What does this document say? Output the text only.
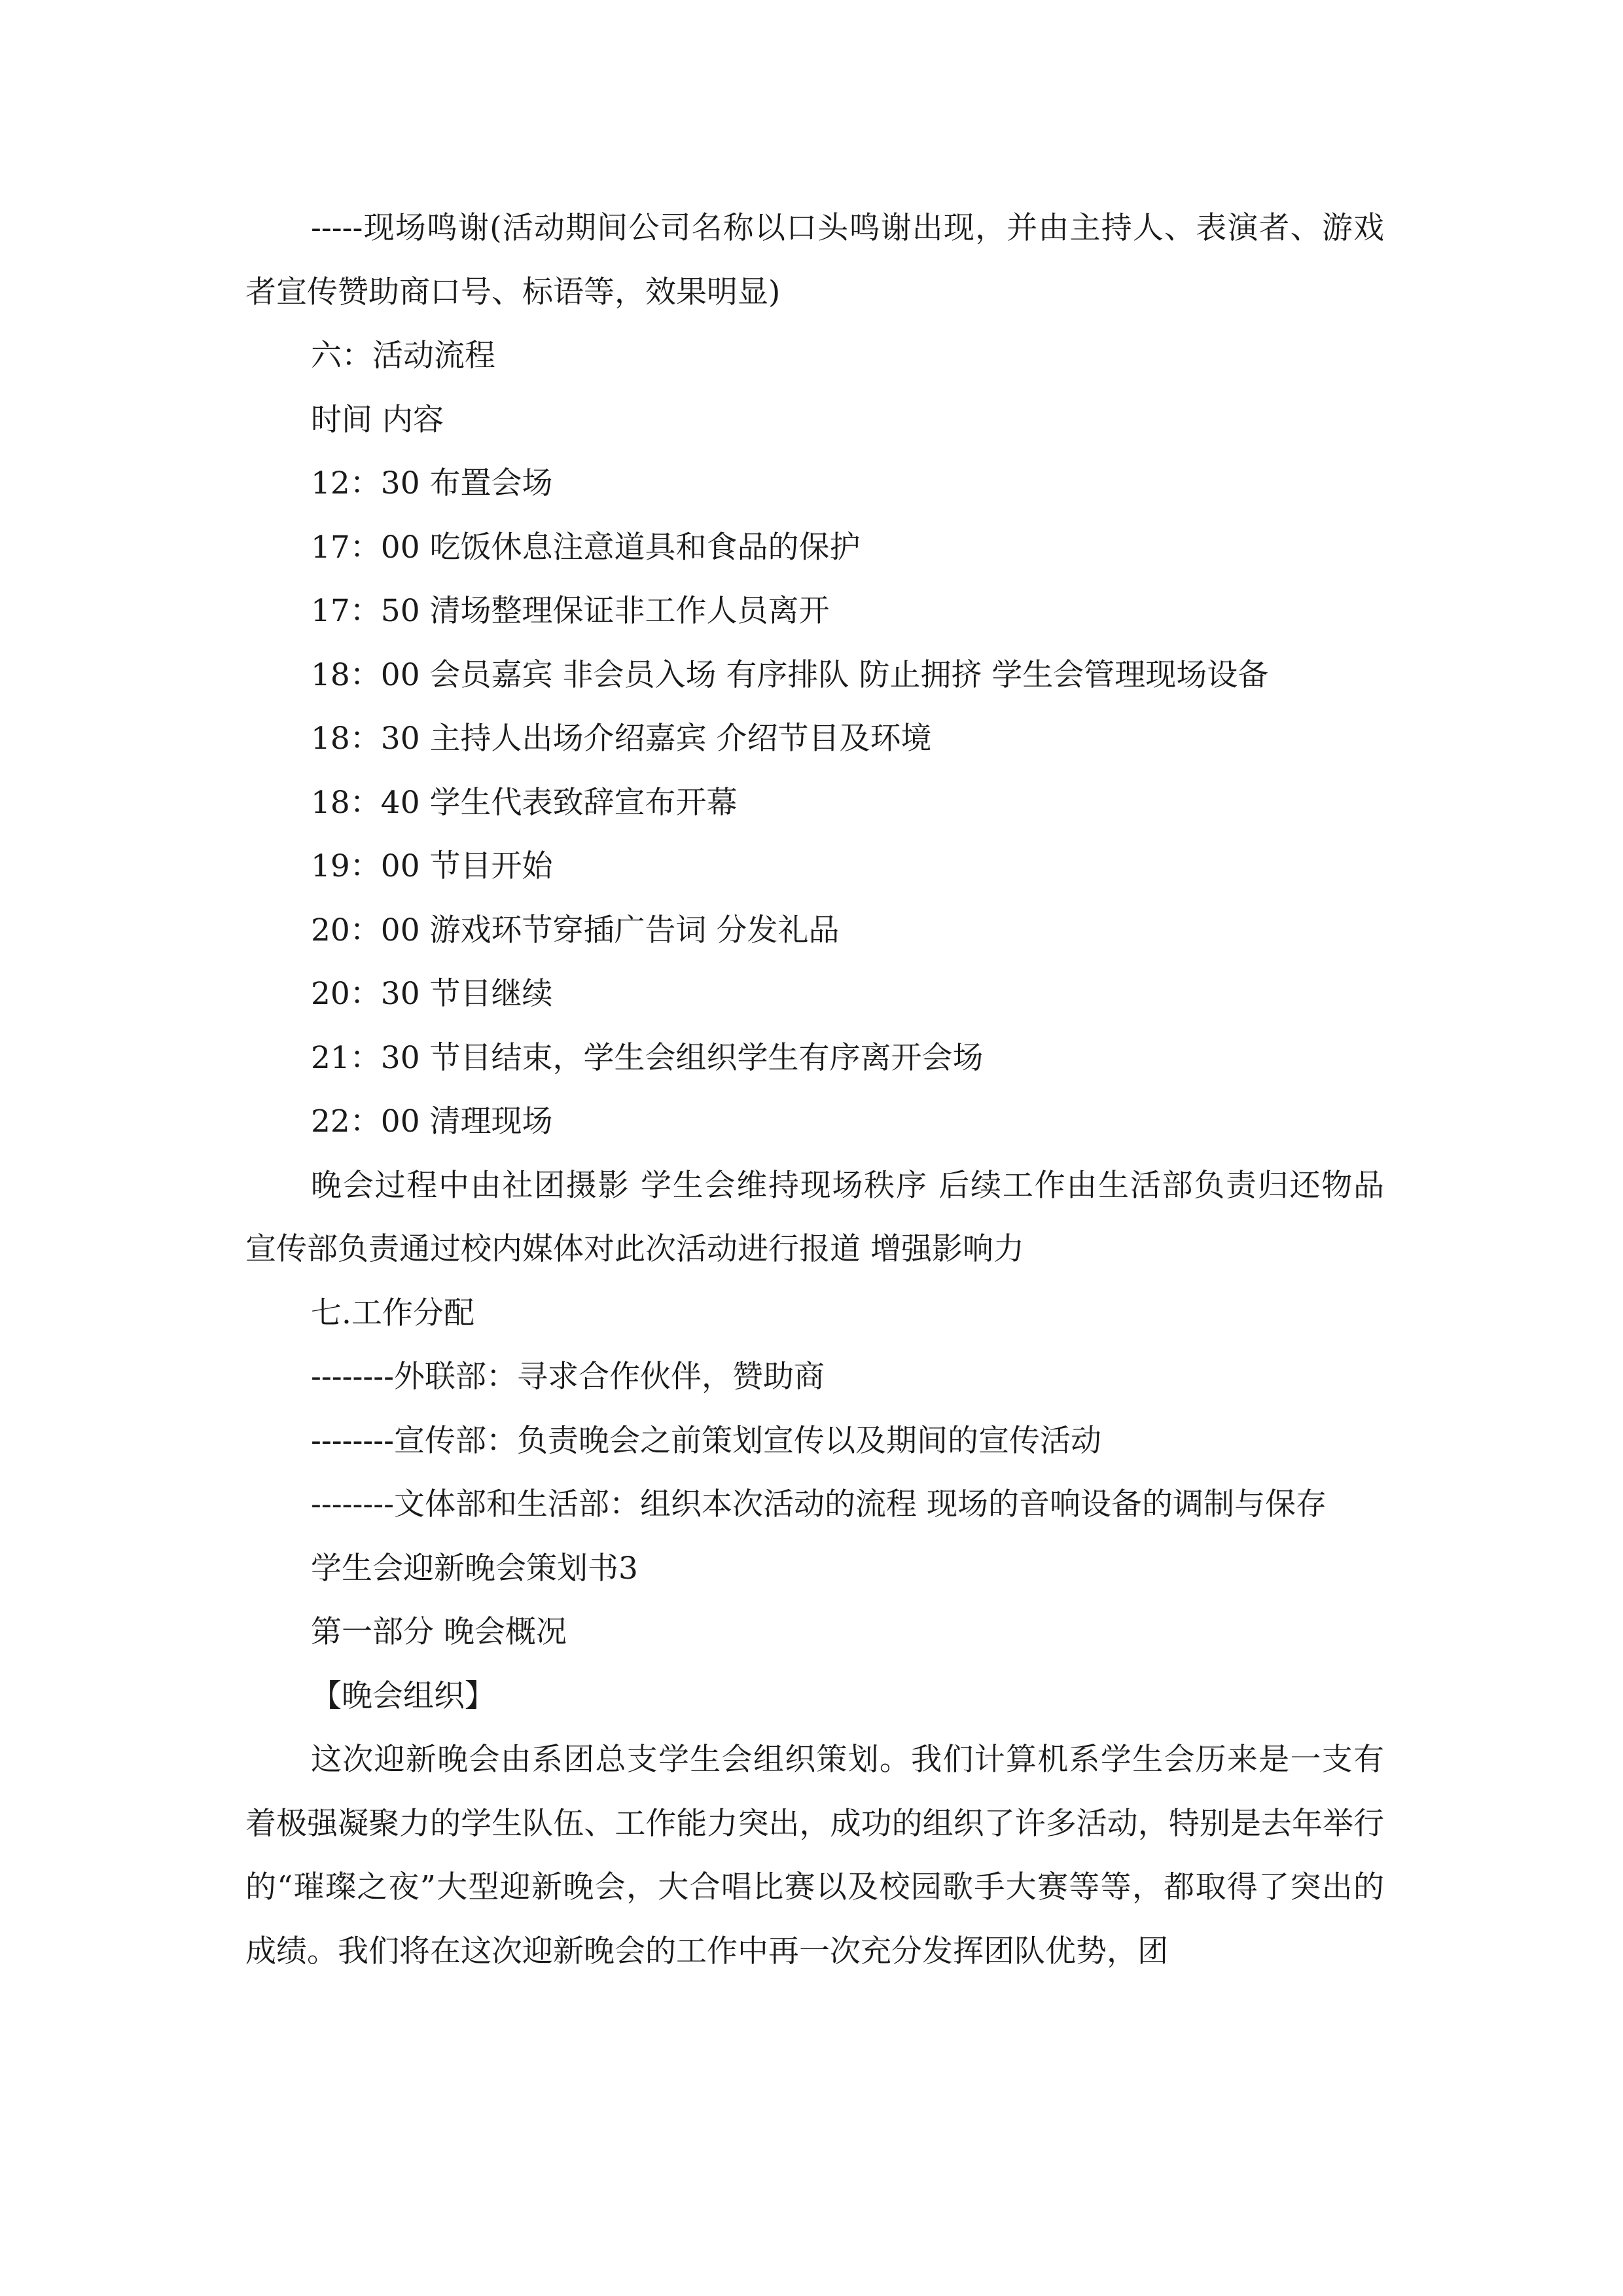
-----现场鸣谢(活动期间公司名称以口头鸣谢出现，并由主持人、表演者、游戏者宣传赞助商口号、标语等，效果明显)

六：活动流程

时间 内容

12：30 布置会场

17：00 吃饭休息注意道具和食品的保护

17：50 清场整理保证非工作人员离开

18：00 会员嘉宾 非会员入场 有序排队 防止拥挤 学生会管理现场设备

18：30 主持人出场介绍嘉宾 介绍节目及环境

18：40 学生代表致辞宣布开幕

19：00 节目开始

20：00 游戏环节穿插广告词 分发礼品

20：30 节目继续

21：30 节目结束，学生会组织学生有序离开会场

22：00 清理现场

晚会过程中由社团摄影 学生会维持现场秩序 后续工作由生活部负责归还物品 宣传部负责通过校内媒体对此次活动进行报道 增强影响力

七.工作分配

--------外联部：寻求合作伙伴，赞助商

--------宣传部：负责晚会之前策划宣传以及期间的宣传活动

--------文体部和生活部：组织本次活动的流程 现场的音响设备的调制与保存

学生会迎新晚会策划书3

第一部分 晚会概况

【晚会组织】

这次迎新晚会由系团总支学生会组织策划。我们计算机系学生会历来是一支有着极强凝聚力的学生队伍、工作能力突出，成功的组织了许多活动，特别是去年举行的“璀璨之夜”大型迎新晚会，大合唱比赛以及校园歌手大赛等等，都取得了突出的成绩。我们将在这次迎新晚会的工作中再一次充分发挥团队优势，团
